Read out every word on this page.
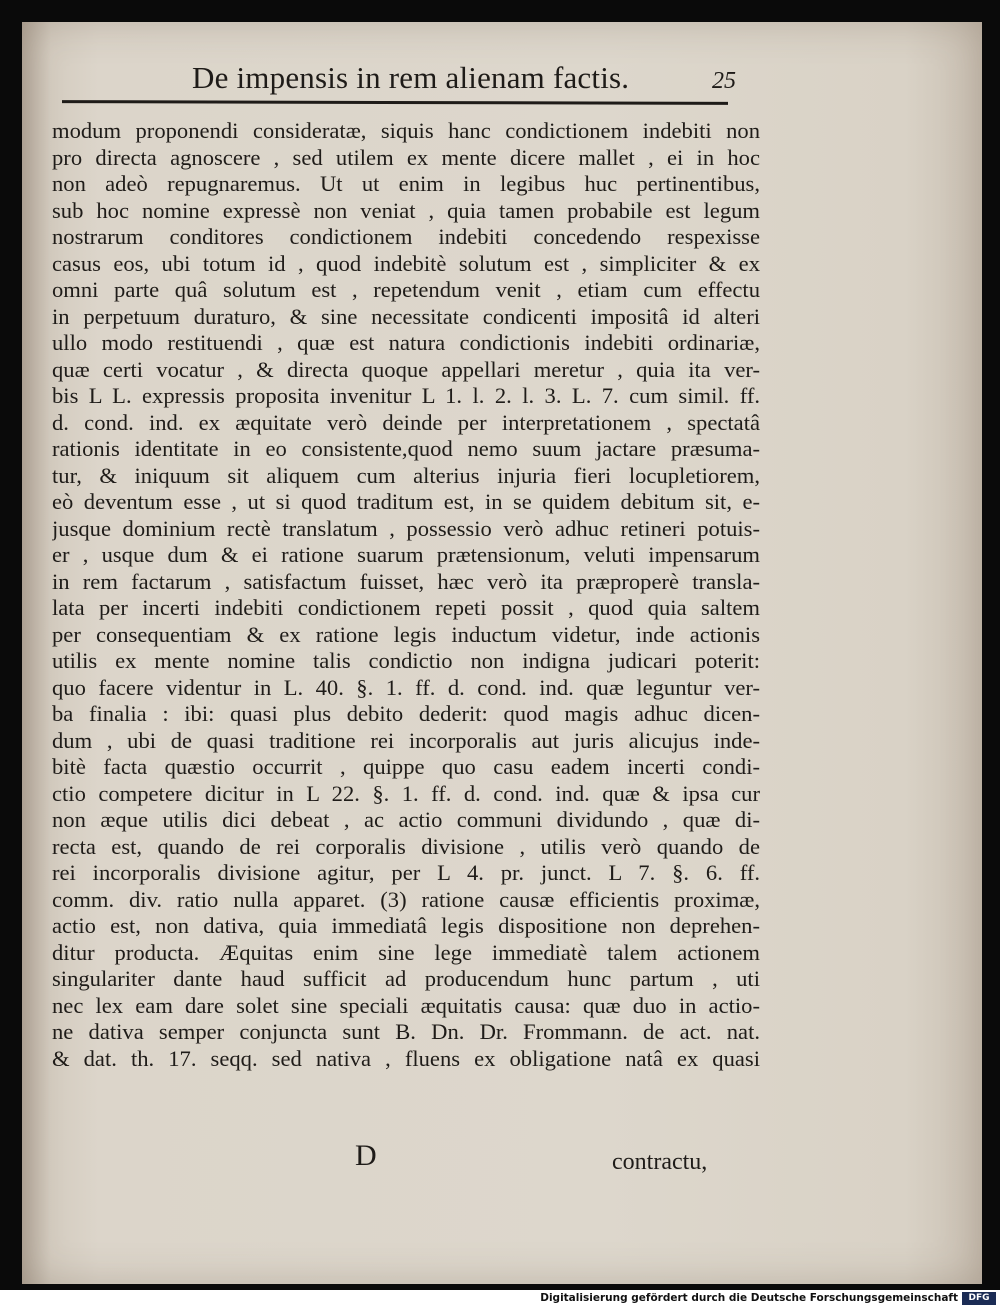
De impensis in rem alienam factis.	25
modum proponendi consideratæ, siquis hanc condictionem indebiti non
pro directa agnoscere , sed utilem ex mente dicere mallet , ei in hoc
non adeò repugnaremus. Ut ut enim in legibus huc pertinentibus,
sub hoc nomine expressè non veniat , quia tamen probabile est legum
nostrarum conditores condictionem indebiti concedendo respexisse
casus eos, ubi totum id , quod indebitè solutum est , simpliciter & ex
omni parte quâ solutum est , repetendum venit , etiam cum effectu
in perpetuum duraturo, & sine necessitate condicenti impositâ id alteri
ullo modo restituendi , quæ est natura condictionis indebiti ordinariæ,
quæ certi vocatur , & directa quoque appellari meretur , quia ita ver-
bis L L. expressis proposita invenitur L 1. l. 2. l. 3. L. 7. cum simil. ff.
d. cond. ind. ex æquitate verò deinde per interpretationem , spectatâ
rationis identitate in eo consistente,quod nemo suum jactare præsuma-
tur, & iniquum sit aliquem cum alterius injuria fieri locupletiorem,
eò deventum esse , ut si quod traditum est, in se quidem debitum sit, e-
jusque dominium rectè translatum , possessio verò adhuc retineri potuis-
er , usque dum & ei ratione suarum prætensionum, veluti impensarum
in rem factarum , satisfactum fuisset, hæc verò ita præproperè transla-
lata per incerti indebiti condictionem repeti possit , quod quia saltem
per consequentiam & ex ratione legis inductum videtur, inde actionis
utilis ex mente nomine talis condictio non indigna judicari poterit:
quo facere videntur in L. 40. §. 1. ff. d. cond. ind. quæ leguntur ver-
ba finalia : ibi: quasi plus debito dederit: quod magis adhuc dicen-
dum , ubi de quasi traditione rei incorporalis aut juris alicujus inde-
bitè facta quæstio occurrit , quippe quo casu eadem incerti condi-
ctio competere dicitur in L 22. §. 1. ff. d. cond. ind. quæ & ipsa cur
non æque utilis dici debeat , ac actio communi dividundo , quæ di-
recta est, quando de rei corporalis divisione , utilis verò quando de
rei incorporalis divisione agitur, per L 4. pr. junct. L 7. §. 6. ff.
comm. div. ratio nulla apparet. (3) ratione causæ efficientis proximæ,
actio est, non dativa, quia immediatâ legis dispositione non deprehen-
ditur producta. Æquitas enim sine lege immediatè talem actionem
singulariter dante haud sufficit ad producendum hunc partum , uti
nec lex eam dare solet sine speciali æquitatis causa: quæ duo in actio-
ne dativa semper conjuncta sunt B. Dn. Dr. Frommann. de act. nat.
& dat. th. 17. seqq. sed nativa , fluens ex obligatione natâ ex quasi
D	contractu,
Digitalisierung gefördert durch die Deutsche Forschungsgemeinschaft	DFG
